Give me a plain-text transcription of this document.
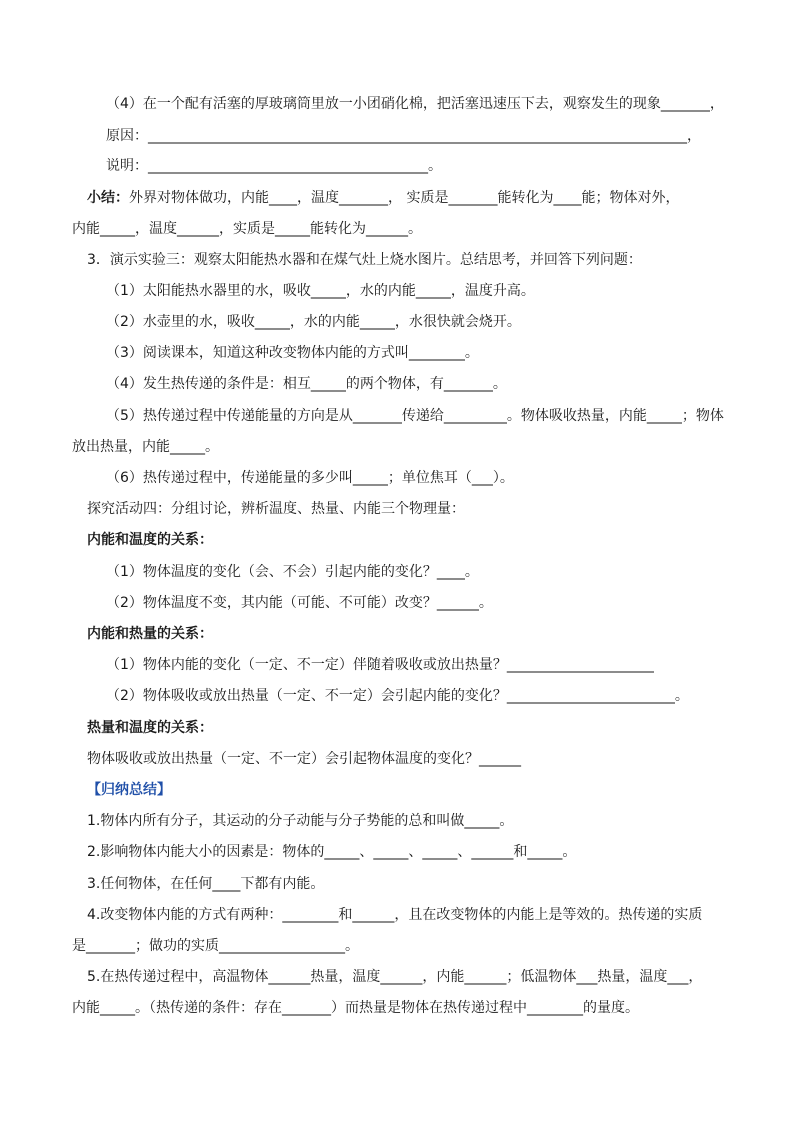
（4）在一个配有活塞的厚玻璃筒里放一小团硝化棉，把活塞迅速压下去，观察发生的现象_______，
原因：_____________________________________________________________________________，
说明：________________________________________。
小结：外界对物体做功，内能____，温度_______， 实质是_______能转化为____能；物体对外，
内能_____，温度______，实质是_____能转化为______。
3．演示实验三：观察太阳能热水器和在煤气灶上烧水图片。总结思考，并回答下列问题：
（1）太阳能热水器里的水，吸收_____，水的内能_____，温度升高。
（2）水壶里的水，吸收_____，水的内能_____，水很快就会烧开。
（3）阅读课本，知道这种改变物体内能的方式叫________。
（4）发生热传递的条件是：相互_____的两个物体，有_______。
（5）热传递过程中传递能量的方向是从_______传递给_________。物体吸收热量，内能_____；物体
放出热量，内能_____。
（6）热传递过程中，传递能量的多少叫_____；单位焦耳（___）。
探究活动四：分组讨论，辨析温度、热量、内能三个物理量：
内能和温度的关系：
（1）物体温度的变化（会、不会）引起内能的变化？____。
（2）物体温度不变，其内能（可能、不可能）改变？______。
内能和热量的关系：
（1）物体内能的变化（一定、不一定）伴随着吸收或放出热量？_____________________
（2）物体吸收或放出热量（一定、不一定）会引起内能的变化？________________________。
热量和温度的关系：
物体吸收或放出热量（一定、不一定）会引起物体温度的变化？______
【归纳总结】
1.物体内所有分子，其运动的分子动能与分子势能的总和叫做_____。
2.影响物体内能大小的因素是：物体的_____、_____、_____、______和_____。
3.任何物体，在任何____下都有内能。
4.改变物体内能的方式有两种：________和______，且在改变物体的内能上是等效的。热传递的实质
是_______；做功的实质__________________。
5.在热传递过程中，高温物体______热量，温度______，内能______；低温物体___热量，温度___，
内能_____。（热传递的条件：存在_______）而热量是物体在热传递过程中________的量度。
